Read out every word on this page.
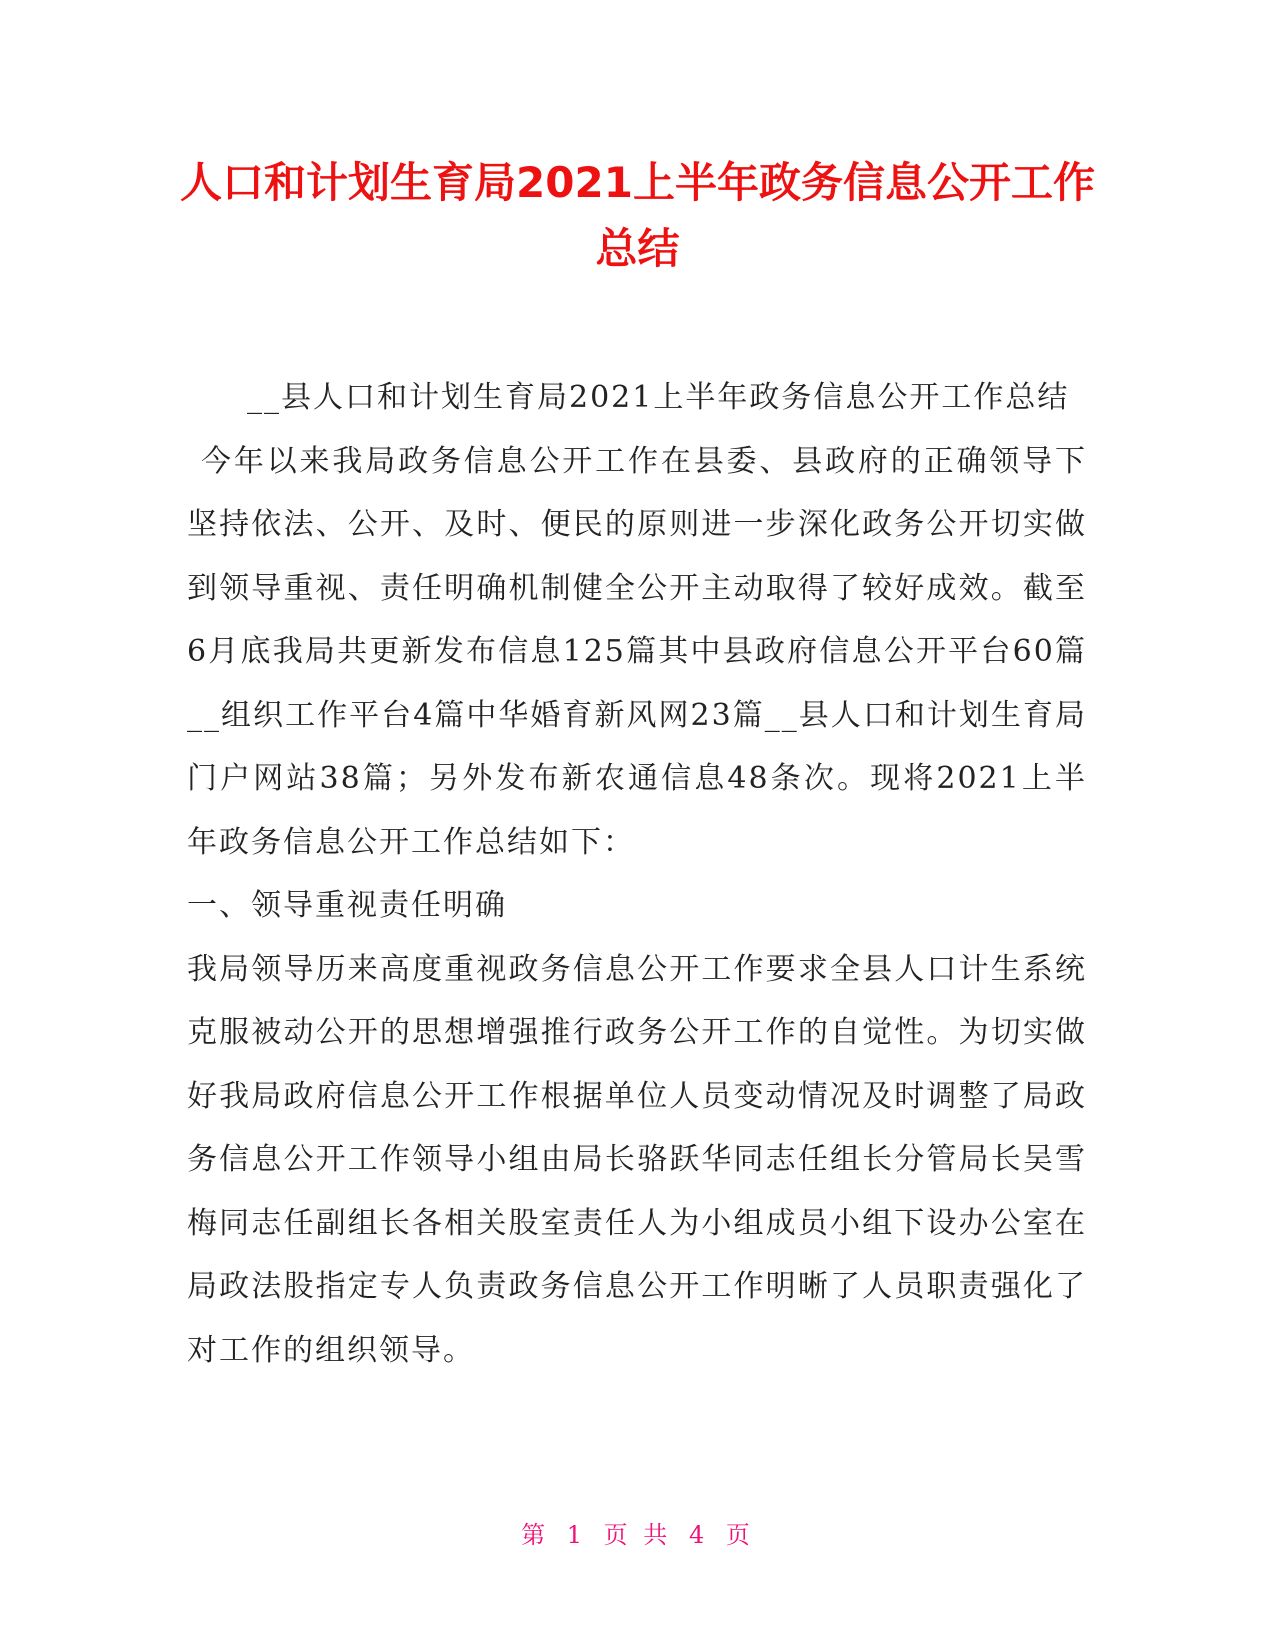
人口和计划生育局2021上半年政务信息公开工作总结

__县人口和计划生育局2021上半年政务信息公开工作总结

今年以来我局政务信息公开工作在县委、县政府的正确领导下坚持依法、公开、及时、便民的原则进一步深化政务公开切实做到领导重视、责任明确机制健全公开主动取得了较好成效。截至6月底我局共更新发布信息125篇其中县政府信息公开平台60篇__组织工作平台4篇中华婚育新风网23篇__县人口和计划生育局门户网站38篇；另外发布新农通信息48条次。现将2021上半年政务信息公开工作总结如下：

一、领导重视责任明确

我局领导历来高度重视政务信息公开工作要求全县人口计生系统克服被动公开的思想增强推行政务公开工作的自觉性。为切实做好我局政府信息公开工作根据单位人员变动情况及时调整了局政务信息公开工作领导小组由局长骆跃华同志任组长分管局长吴雪梅同志任副组长各相关股室责任人为小组成员小组下设办公室在局政法股指定专人负责政务信息公开工作明晰了人员职责强化了对工作的组织领导。

第 1 页 共 4 页
